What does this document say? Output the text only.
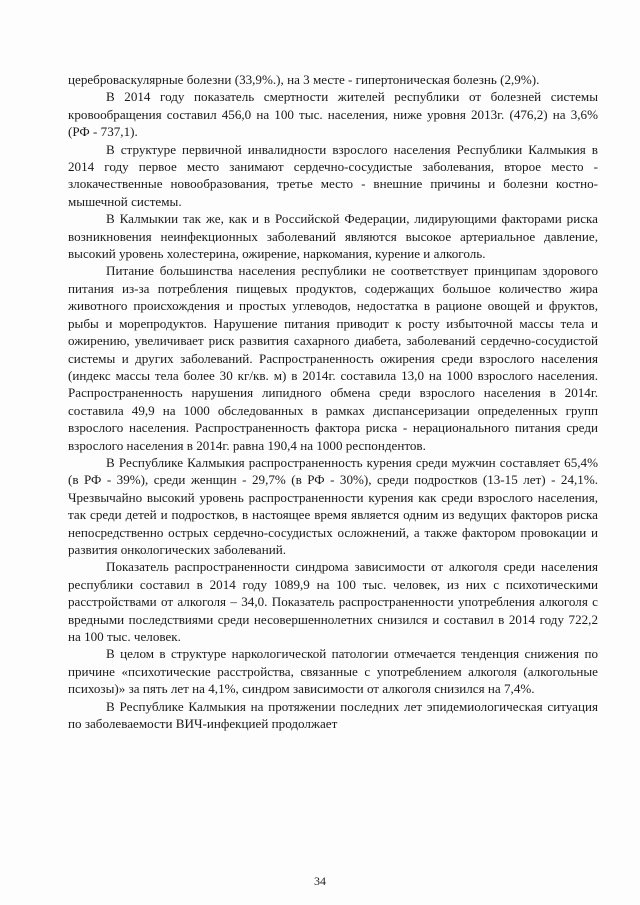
цереброваскулярные болезни (33,9%.), на 3 месте - гипертоническая болезнь (2,9%).

В 2014 году показатель смертности жителей республики от болезней системы кровообращения составил 456,0 на 100 тыс. населения, ниже уровня 2013г. (476,2) на 3,6% (РФ - 737,1).

В структуре первичной инвалидности взрослого населения Республики Калмыкия в 2014 году первое место занимают сердечно-сосудистые заболевания, второе место - злокачественные новообразования, третье место - внешние причины и болезни костно-мышечной системы.

В Калмыкии так же, как и в Российской Федерации, лидирующими факторами риска возникновения неинфекционных заболеваний являются высокое артериальное давление, высокий уровень холестерина, ожирение, наркомания, курение и алкоголь.

Питание большинства населения республики не соответствует принципам здорового питания из-за потребления пищевых продуктов, содержащих большое количество жира животного происхождения и простых углеводов, недостатка в рационе овощей и фруктов, рыбы и морепродуктов. Нарушение питания приводит к росту избыточной массы тела и ожирению, увеличивает риск развития сахарного диабета, заболеваний сердечно-сосудистой системы и других заболеваний. Распространенность ожирения среди взрослого населения (индекс массы тела более 30 кг/кв. м) в 2014г. составила 13,0 на 1000 взрослого населения. Распространенность нарушения липидного обмена среди взрослого населения в 2014г. составила 49,9 на 1000 обследованных в рамках диспансеризации определенных групп взрослого населения. Распространенность фактора риска - нерационального питания среди взрослого населения в 2014г. равна 190,4 на 1000 респондентов.

В Республике Калмыкия распространенность курения среди мужчин составляет 65,4% (в РФ - 39%), среди женщин - 29,7% (в РФ - 30%), среди подростков (13-15 лет) - 24,1%. Чрезвычайно высокий уровень распространенности курения как среди взрослого населения, так среди детей и подростков, в настоящее время является одним из ведущих факторов риска непосредственно острых сердечно-сосудистых осложнений, а также фактором провокации и развития онкологических заболеваний.

Показатель распространенности синдрома зависимости от алкоголя среди населения республики составил в 2014 году 1089,9 на 100 тыс. человек, из них с психотическими расстройствами от алкоголя – 34,0. Показатель распространенности употребления алкоголя с вредными последствиями среди несовершеннолетних снизился и составил в 2014 году 722,2 на 100 тыс. человек.

В целом в структуре наркологической патологии отмечается тенденция снижения по причине «психотические расстройства, связанные с употреблением алкоголя (алкогольные психозы)» за пять лет на 4,1%, синдром зависимости от алкоголя снизился на 7,4%.

В Республике Калмыкия на протяжении последних лет эпидемиологическая ситуация по заболеваемости ВИЧ-инфекцией продолжает

34
